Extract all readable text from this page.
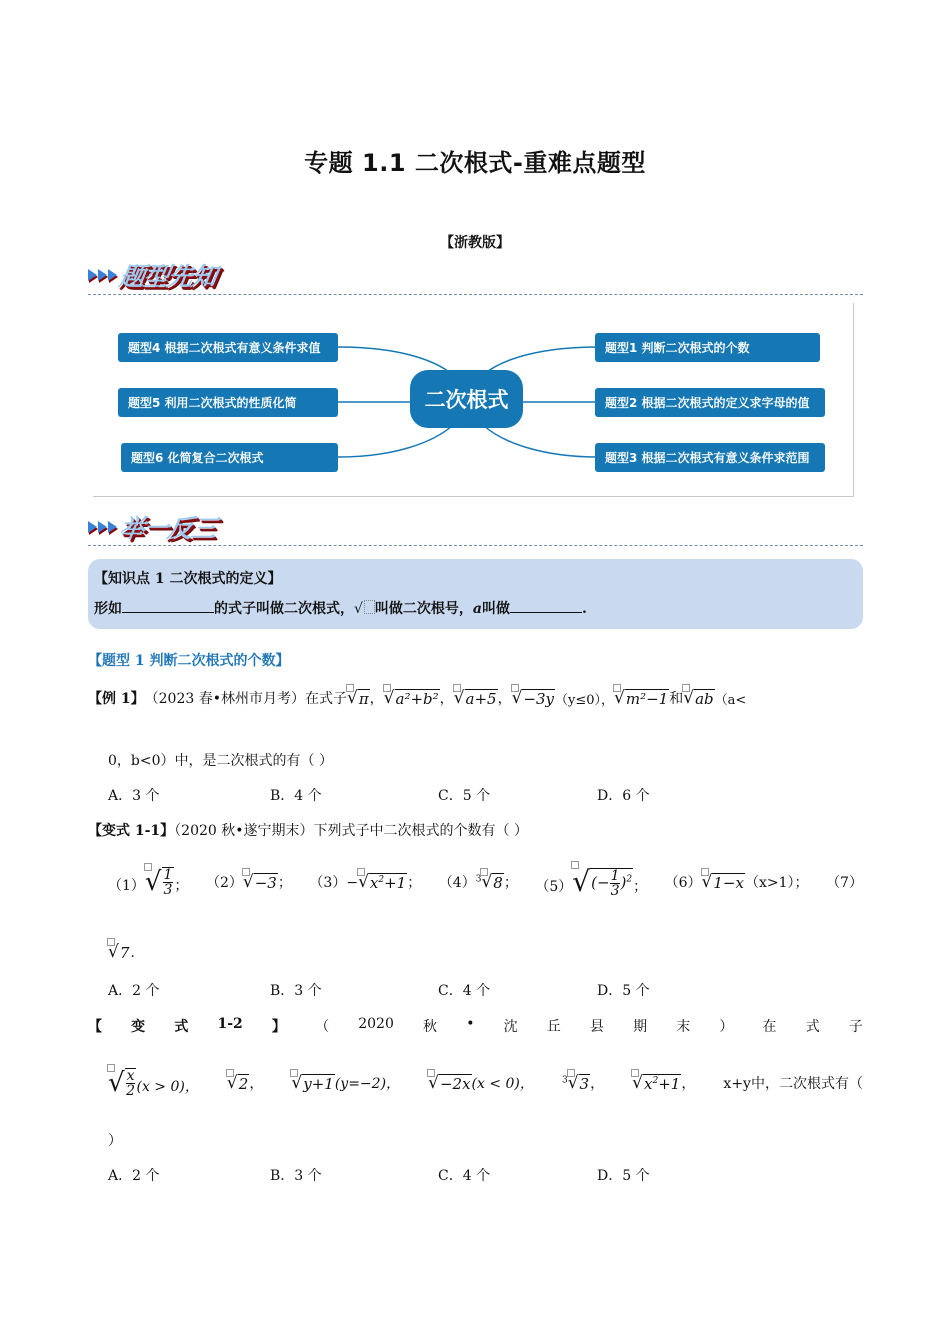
专题 1.1 二次根式-重难点题型
【浙教版】
题型先知
题型4 根据二次根式有意义条件求值
题型5 利用二次根式的性质化简
题型6 化简复合二次根式
二次根式
题型1 判断二次根式的个数
题型2 根据二次根式的定义求字母的值
题型3 根据二次根式有意义条件求范围
举一反三
【知识点 1 二次根式的定义】
形如	的式子叫做二次根式，√ 叫做二次根号，a叫做	.
【题型 1 判断二次根式的个数】
【例 1】 （2023 春•林州市月考）在式子 √ π ， √ a²+b² ， √ a+5 ， √ −3y （y≤0）， √ m²−1 和 √ ab （a<
0，b<0）中，是二次根式的有（ ）
A．3 个	B．4 个	C．5 个	D．6 个
【变式 1-1】（2020 秋•遂宁期末）下列式子中二次根式的个数有（ ）
（1） √ $\frac{1}{3}$ ； （2） √ −3 ； （3）− √ $x^2+1$ ； $(4)^3$ √ 8 ； （5） √ (− $\frac{1}{3} )^2$ ； （6） √ 1−x （x>1）； （7）
√ 7 .
A．2 个	B．3 个	C．4 个	D．5 个
【 变 式 1-2 】 （ 2020 秋 • 沈 丘 县 期 末 ） 在 式 子
√ $\frac{x}{2} (x > 0)$， √ 2 ， √ y+1 (y=−2)， √ −2x (x < 0)，	$^3$ √ 3 ， √ $x^2+1$ ， x+y中，二次根式有（
）
A．2 个	B．3 个	C．4 个	D．5 个
